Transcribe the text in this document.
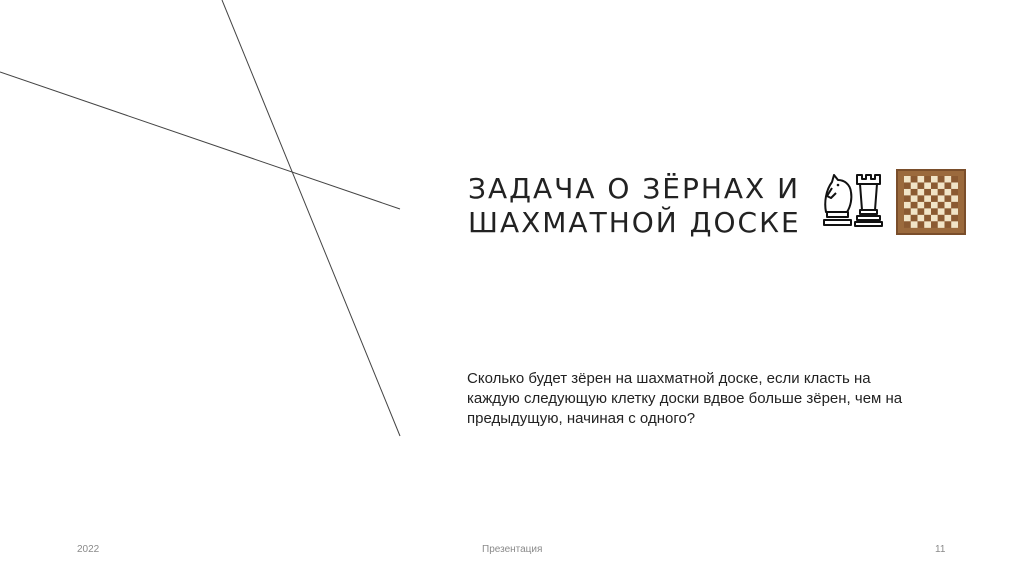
ЗАДАЧА О ЗЁРНАХ И
ШАХМАТНОЙ ДОСКЕ
Сколько будет зёрен на шахматной доске, если класть на каждую следующую клетку доски вдвое больше зёрен, чем на предыдущую, начиная с одного?
2022	Презентация	11
